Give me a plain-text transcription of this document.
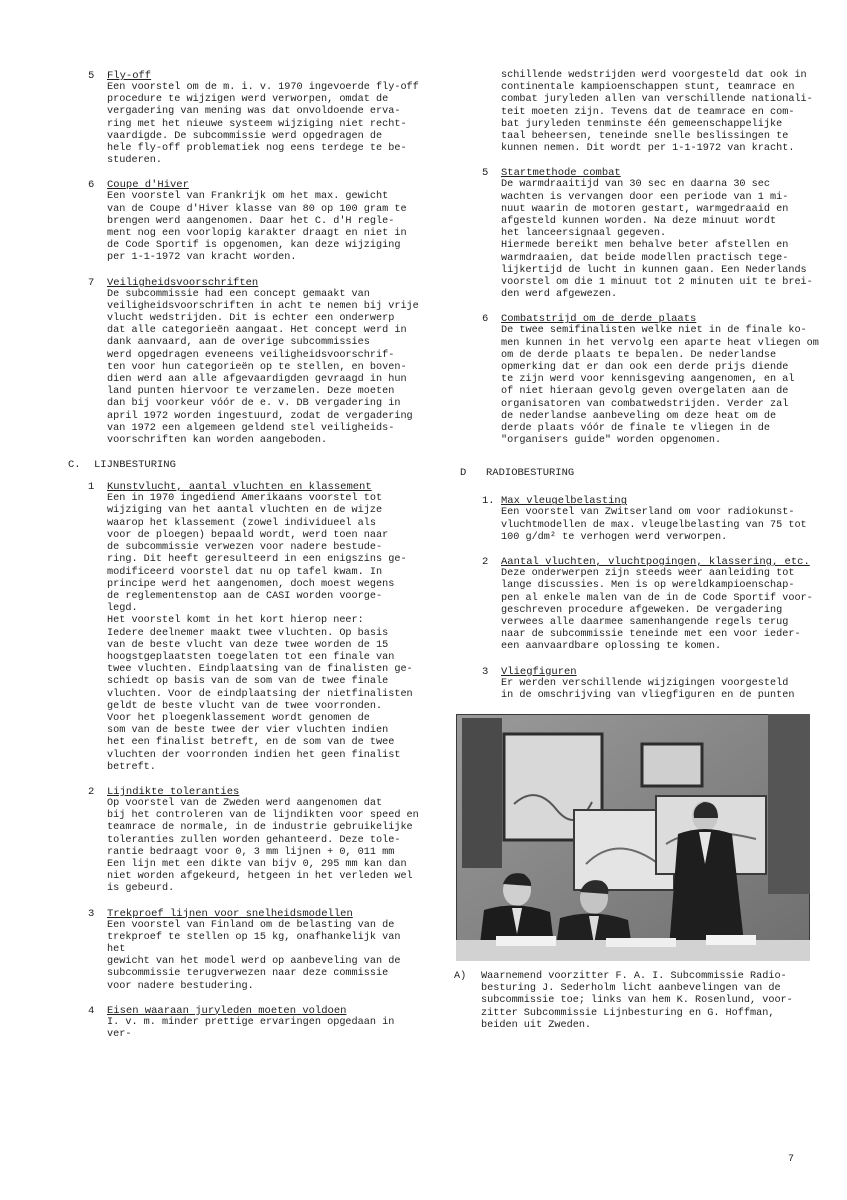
5 Fly-off

Een voorstel om de m. i. v. 1970 ingevoerde fly-off
procedure te wijzigen werd verworpen, omdat de
vergadering van mening was dat onvoldoende erva-
ring met het nieuwe systeem wijziging niet recht-
vaardigde. De subcommissie werd opgedragen de
hele fly-off problematiek nog eens terdege te be-
studeren.

6 Coupe d'Hiver

Een voorstel van Frankrijk om het max. gewicht
van de Coupe d'Hiver klasse van 80 op 100 gram te
brengen werd aangenomen. Daar het C. d'H regle-
ment nog een voorlopig karakter draagt en niet in
de Code Sportif is opgenomen, kan deze wijziging
per 1-1-1972 van kracht worden.

7 Veiligheidsvoorschriften

De subcommissie had een concept gemaakt van
veiligheidsvoorschriften in acht te nemen bij vrije
vlucht wedstrijden. Dit is echter een onderwerp
dat alle categorieën aangaat. Het concept werd in
dank aanvaard, aan de overige subcommissies
werd opgedragen eveneens veiligheidsvoorschrif-
ten voor hun categorieën op te stellen, en boven-
dien werd aan alle afgevaardigden gevraagd in hun
land punten hiervoor te verzamelen. Deze moeten
dan bij voorkeur vóór de e. v. DB vergadering in
april 1972 worden ingestuurd, zodat de vergadering
van 1972 een algemeen geldend stel veiligheids-
voorschriften kan worden aangeboden.

C. LIJNBESTURING
1 Kunstvlucht, aantal vluchten en klassement

Een in 1970 ingediend Amerikaans voorstel tot
wijziging van het aantal vluchten en de wijze
waarop het klassement (zowel individueel als
voor de ploegen) bepaald wordt, werd toen naar
de subcommissie verwezen voor nadere bestude-
ring. Dit heeft geresulteerd in een enigszins ge-
modificeerd voorstel dat nu op tafel kwam. In
principe werd het aangenomen, doch moest wegens
de reglementenstop aan de CASI worden voorge-
legd.
Het voorstel komt in het kort hierop neer:
Iedere deelnemer maakt twee vluchten. Op basis
van de beste vlucht van deze twee worden de 15
hoogstgeplaatsten toegelaten tot een finale van
twee vluchten. Eindplaatsing van de finalisten ge-
schiedt op basis van de som van de twee finale
vluchten. Voor de eindplaatsing der nietfinalisten
geldt de beste vlucht van de twee voorronden.
Voor het ploegenklassement wordt genomen de
som van de beste twee der vier vluchten indien
het een finalist betreft, en de som van de twee
vluchten der voorronden indien het geen finalist
betreft.

2 Lijndikte toleranties

Op voorstel van de Zweden werd aangenomen dat
bij het controleren van de lijndikten voor speed en
teamrace de normale, in de industrie gebruikelijke
toleranties zullen worden gehanteerd. Deze tole-
rantie bedraagt voor 0, 3 mm lijnen + 0, 011 mm
Een lijn met een dikte van bijv 0, 295 mm kan dan
niet worden afgekeurd, hetgeen in het verleden wel
is gebeurd.

3 Trekproef lijnen voor snelheidsmodellen

Een voorstel van Finland om de belasting van de
trekproef te stellen op 15 kg, onafhankelijk van het
gewicht van het model werd op aanbeveling van de
subcommissie terugverwezen naar deze commissie
voor nadere bestudering.

4 Eisen waaraan juryleden moeten voldoen

I. v. m. minder prettige ervaringen opgedaan in ver-

schillende wedstrijden werd voorgesteld dat ook in
continentale kampioenschappen stunt, teamrace en
combat juryleden allen van verschillende nationali-
teit moeten zijn. Tevens dat de teamrace en com-
bat juryleden tenminste één gemeenschappelijke
taal beheersen, teneinde snelle beslissingen te
kunnen nemen. Dit wordt per 1-1-1972 van kracht.

5 Startmethode combat

De warmdraaitijd van 30 sec en daarna 30 sec
wachten is vervangen door een periode van 1 mi-
nuut waarin de motoren gestart, warmgedraaid en
afgesteld kunnen worden. Na deze minuut wordt
het lanceersignaal gegeven.
Hiermede bereikt men behalve beter afstellen en
warmdraaien, dat beide modellen practisch tege-
lijkertijd de lucht in kunnen gaan. Een Nederlands
voorstel om die 1 minuut tot 2 minuten uit te brei-
den werd afgewezen.

6 Combatstrijd om de derde plaats

De twee semifinalisten welke niet in de finale ko-
men kunnen in het vervolg een aparte heat vliegen om
om de derde plaats te bepalen. De nederlandse
opmerking dat er dan ook een derde prijs diende
te zijn werd voor kennisgeving aangenomen, en al
of niet hieraan gevolg geven overgelaten aan de
organisatoren van combatwedstrijden. Verder zal
de nederlandse aanbeveling om deze heat om de
derde plaats vóór de finale te vliegen in de
"organisers guide" worden opgenomen.

D RADIOBESTURING
1. Max vleugelbelasting

Een voorstel van Zwitserland om voor radiokunst-
vluchtmodellen de max. vleugelbelasting van 75 tot
100 g/dm² te verhogen werd verworpen.

2 Aantal vluchten, vluchtpogingen, klassering, etc.

Deze onderwerpen zijn steeds weer aanleiding tot
lange discussies. Men is op wereldkampioenschap-
pen al enkele malen van de in de Code Sportif voor-
geschreven procedure afgeweken. De vergadering
verwees alle daarmee samenhangende regels terug
naar de subcommissie teneinde met een voor ieder-
een aanvaardbare oplossing te komen.

3 Vliegfiguren

Er werden verschillende wijzigingen voorgesteld
in de omschrijving van vliegfiguren en de punten

A) Waarnemend voorzitter F. A. I. Subcommissie Radio-
besturing J. Sederholm licht aanbevelingen van de
subcommissie toe; links van hem K. Rosenlund, voor-
zitter Subcommissie Lijnbesturing en G. Hoffman,
beiden uit Zweden.

7
